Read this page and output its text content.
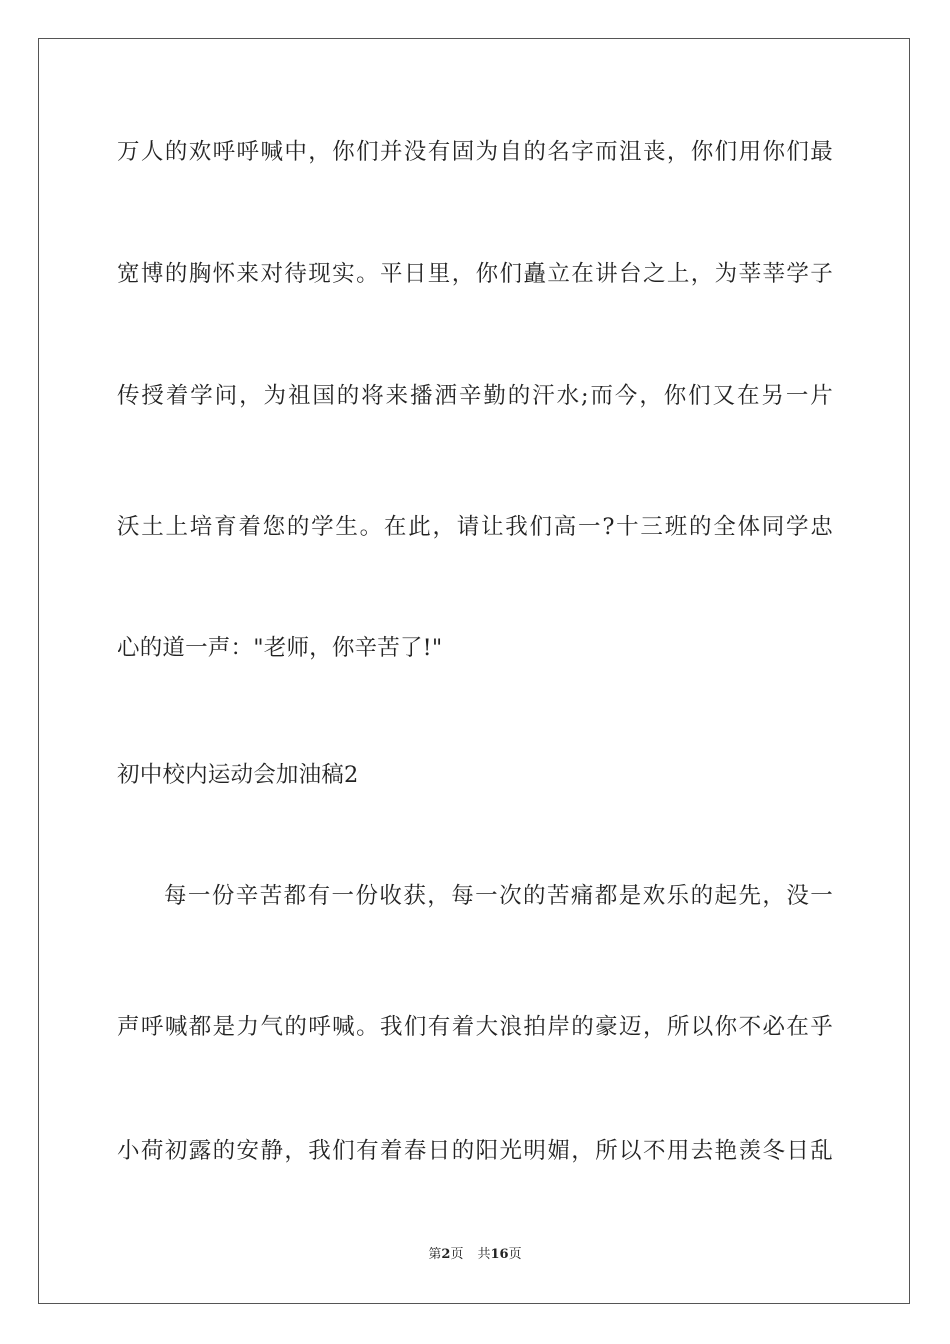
万人的欢呼呼喊中，你们并没有固为自的名字而沮丧，你们用你们最
宽博的胸怀来对待现实。平日里，你们矗立在讲台之上，为莘莘学子
传授着学问，为祖国的将来播洒辛勤的汗水;而今，你们又在另一片
沃土上培育着您的学生。在此，请让我们高一?十三班的全体同学忠
心的道一声："老师，你辛苦了!"
初中校内运动会加油稿2
每一份辛苦都有一份收获，每一次的苦痛都是欢乐的起先，没一
声呼喊都是力气的呼喊。我们有着大浪拍岸的豪迈，所以你不必在乎
小荷初露的安静，我们有着春日的阳光明媚，所以不用去艳羡冬日乱
第2页 共16页
